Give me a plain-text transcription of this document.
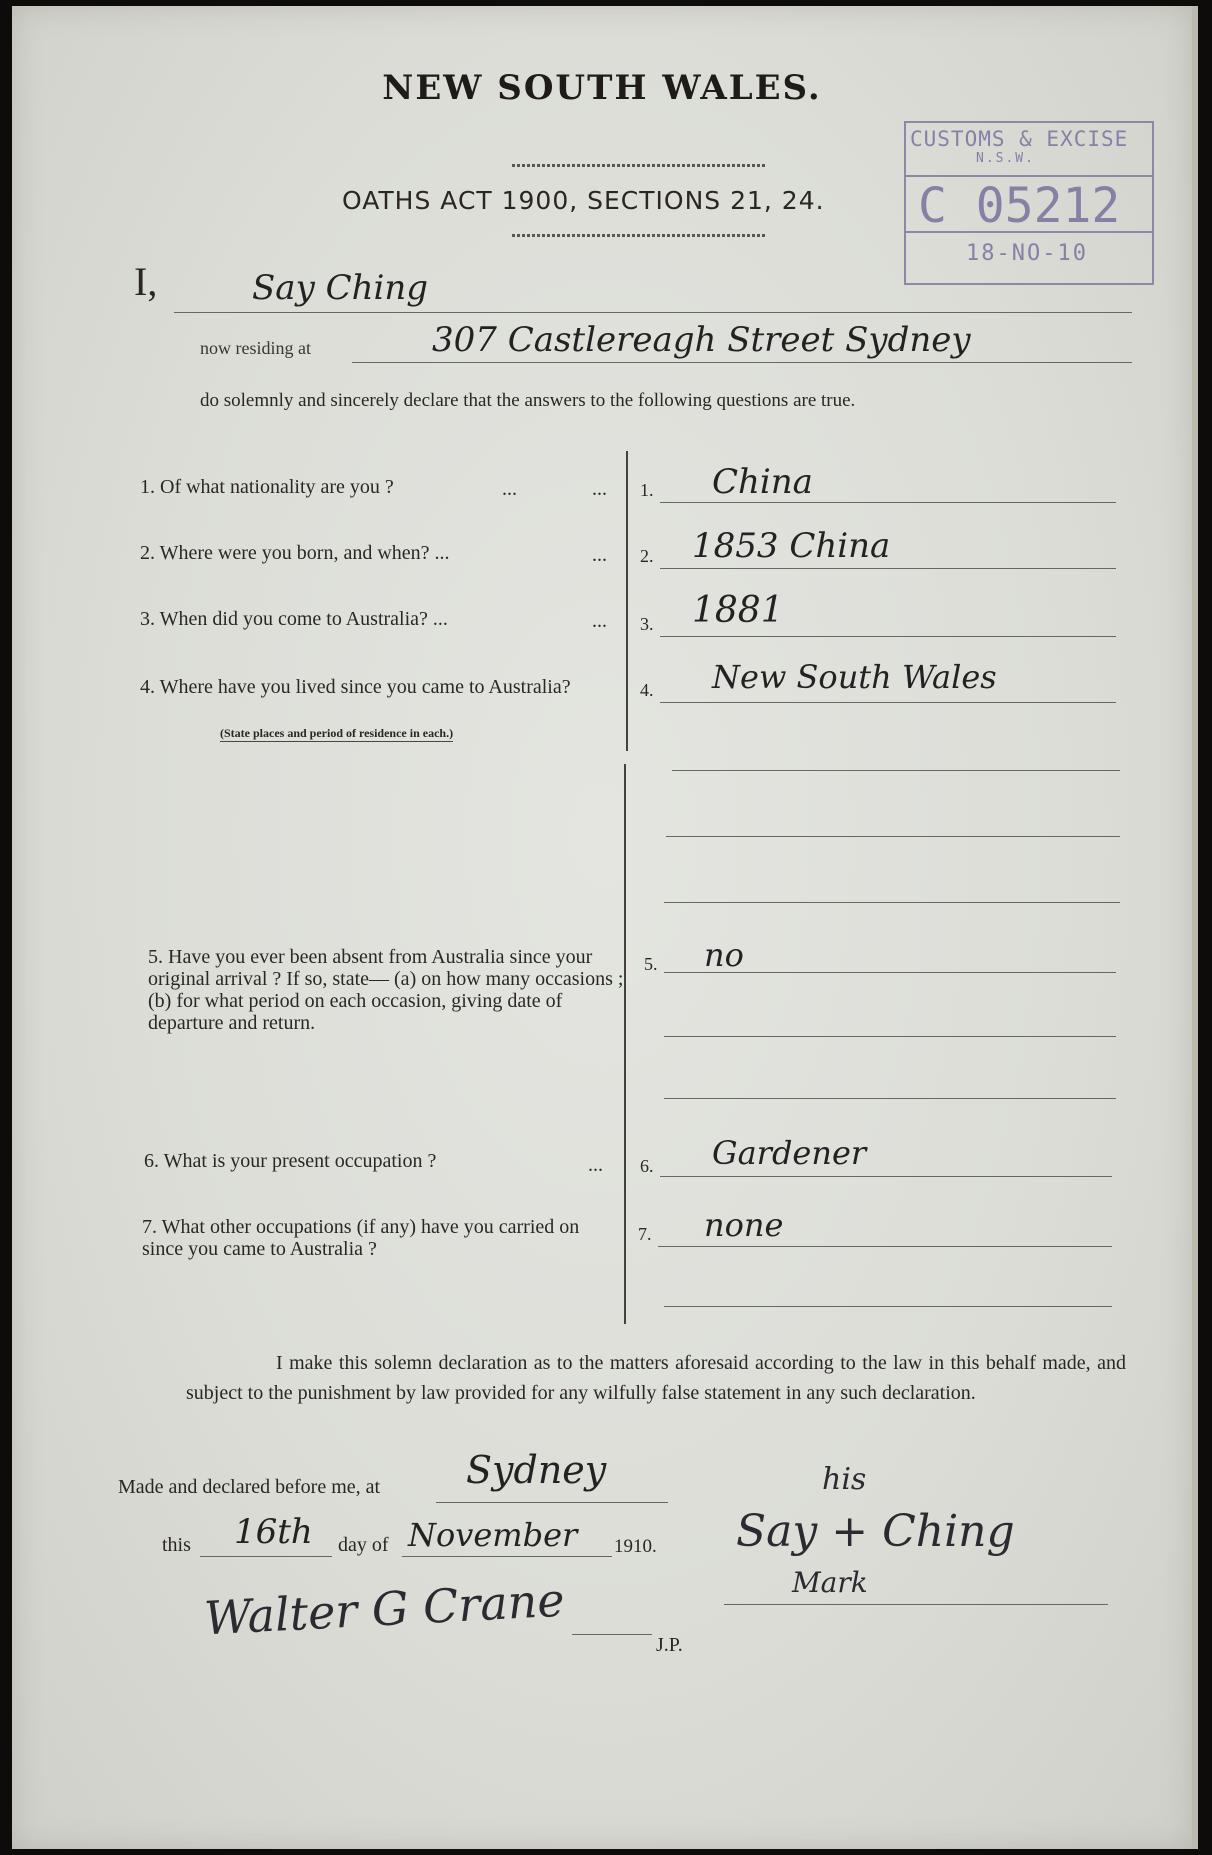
NEW SOUTH WALES.
OATHS ACT 1900, SECTIONS 21, 24.
CUSTOMS & EXCISE
N.S.W.
C 05212
18-NO-10
I,	Say Ching
now residing at	307 Castlereagh Street Sydney
do solemnly and sincerely declare that the answers to the following questions are true.
1. Of what nationality are you ?	...	... 1. China
2. Where were you born, and when? ...	... 2. 1853 China
3. When did you come to Australia? ...	... 3. 1881
4. Where have you lived since you came to Australia?
(State places and period of residence in each.)
4. New South Wales
5. Have you ever been absent from Australia since your original arrival ? If so, state— (a) on how many occasions ; (b) for what period on each occasion, giving date of departure and return.
5. no
6. What is your present occupation ?	... 6. Gardener
7. What other occupations (if any) have you carried on since you came to Australia ?
7. none
I make this solemn declaration as to the matters aforesaid according to the law in this behalf made, and subject to the punishment by law provided for any wilfully false statement in any such declaration.
Made and declared before me, at Sydney
this 16th day of November 1910.
Walter G Crane	J.P.
his
Say + Ching
Mark
